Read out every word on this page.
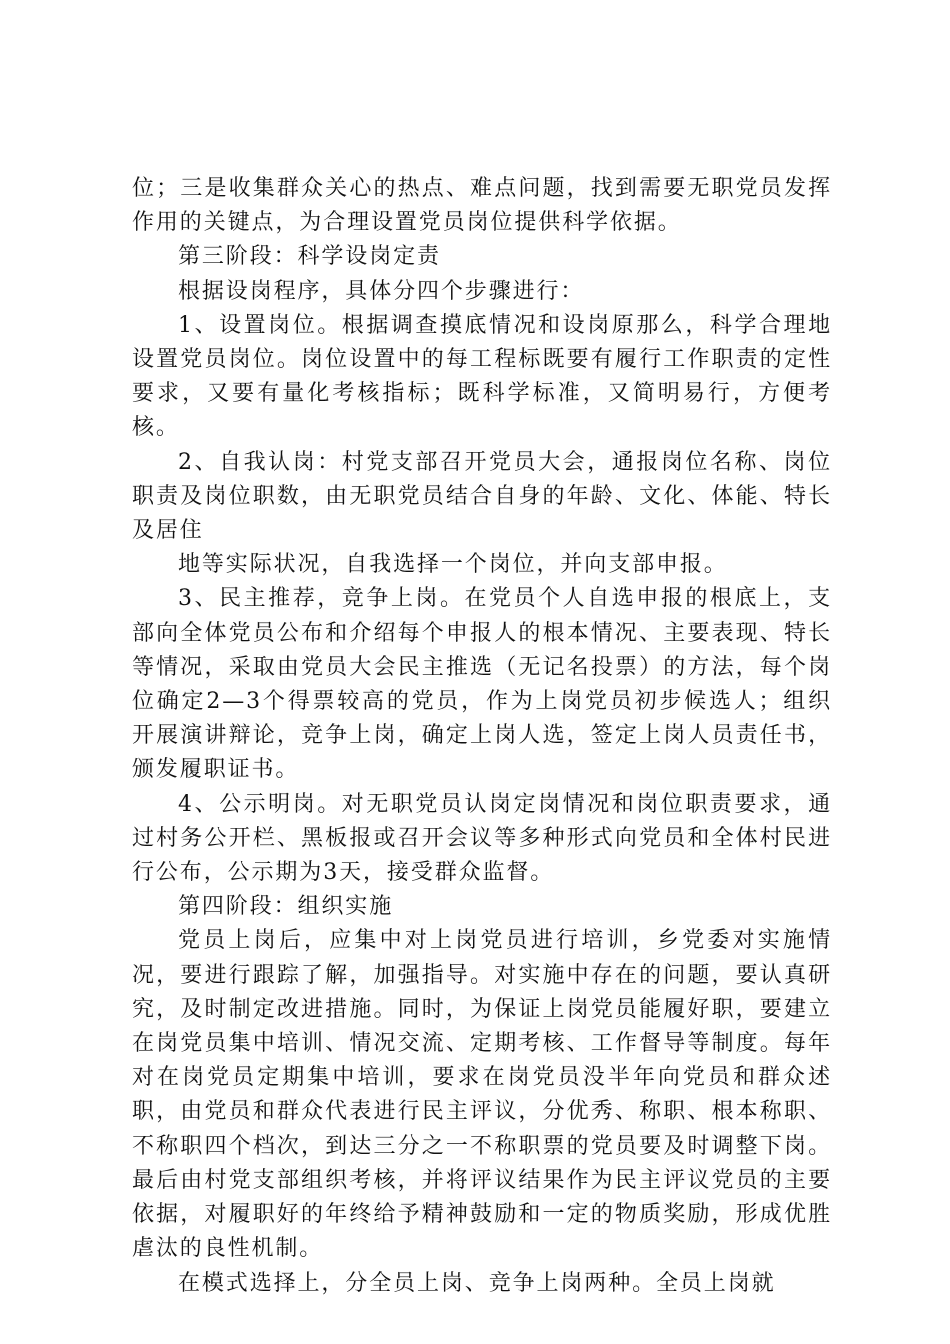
位；三是收集群众关心的热点、难点问题，找到需要无职党员发挥作用的关键点，为合理设置党员岗位提供科学依据。

第三阶段：科学设岗定责

根据设岗程序，具体分四个步骤进行：

1、设置岗位。根据调查摸底情况和设岗原那么，科学合理地设置党员岗位。岗位设置中的每工程标既要有履行工作职责的定性要求，又要有量化考核指标；既科学标准，又简明易行，方便考核。

2、自我认岗：村党支部召开党员大会，通报岗位名称、岗位职责及岗位职数，由无职党员结合自身的年龄、文化、体能、特长及居住

地等实际状况，自我选择一个岗位，并向支部申报。

3、民主推荐，竞争上岗。在党员个人自选申报的根底上，支部向全体党员公布和介绍每个申报人的根本情况、主要表现、特长等情况，采取由党员大会民主推选（无记名投票）的方法，每个岗位确定2—3个得票较高的党员，作为上岗党员初步候选人；组织开展演讲辩论，竞争上岗，确定上岗人选，签定上岗人员责任书，颁发履职证书。

4、公示明岗。对无职党员认岗定岗情况和岗位职责要求，通过村务公开栏、黑板报或召开会议等多种形式向党员和全体村民进行公布，公示期为3天，接受群众监督。

第四阶段：组织实施

党员上岗后，应集中对上岗党员进行培训，乡党委对实施情况，要进行跟踪了解，加强指导。对实施中存在的问题，要认真研究，及时制定改进措施。同时，为保证上岗党员能履好职，要建立在岗党员集中培训、情况交流、定期考核、工作督导等制度。每年对在岗党员定期集中培训，要求在岗党员没半年向党员和群众述职，由党员和群众代表进行民主评议，分优秀、称职、根本称职、不称职四个档次，到达三分之一不称职票的党员要及时调整下岗。最后由村党支部组织考核，并将评议结果作为民主评议党员的主要依据，对履职好的年终给予精神鼓励和一定的物质奖励，形成优胜虐汰的良性机制。

在模式选择上，分全员上岗、竞争上岗两种。全员上岗就
